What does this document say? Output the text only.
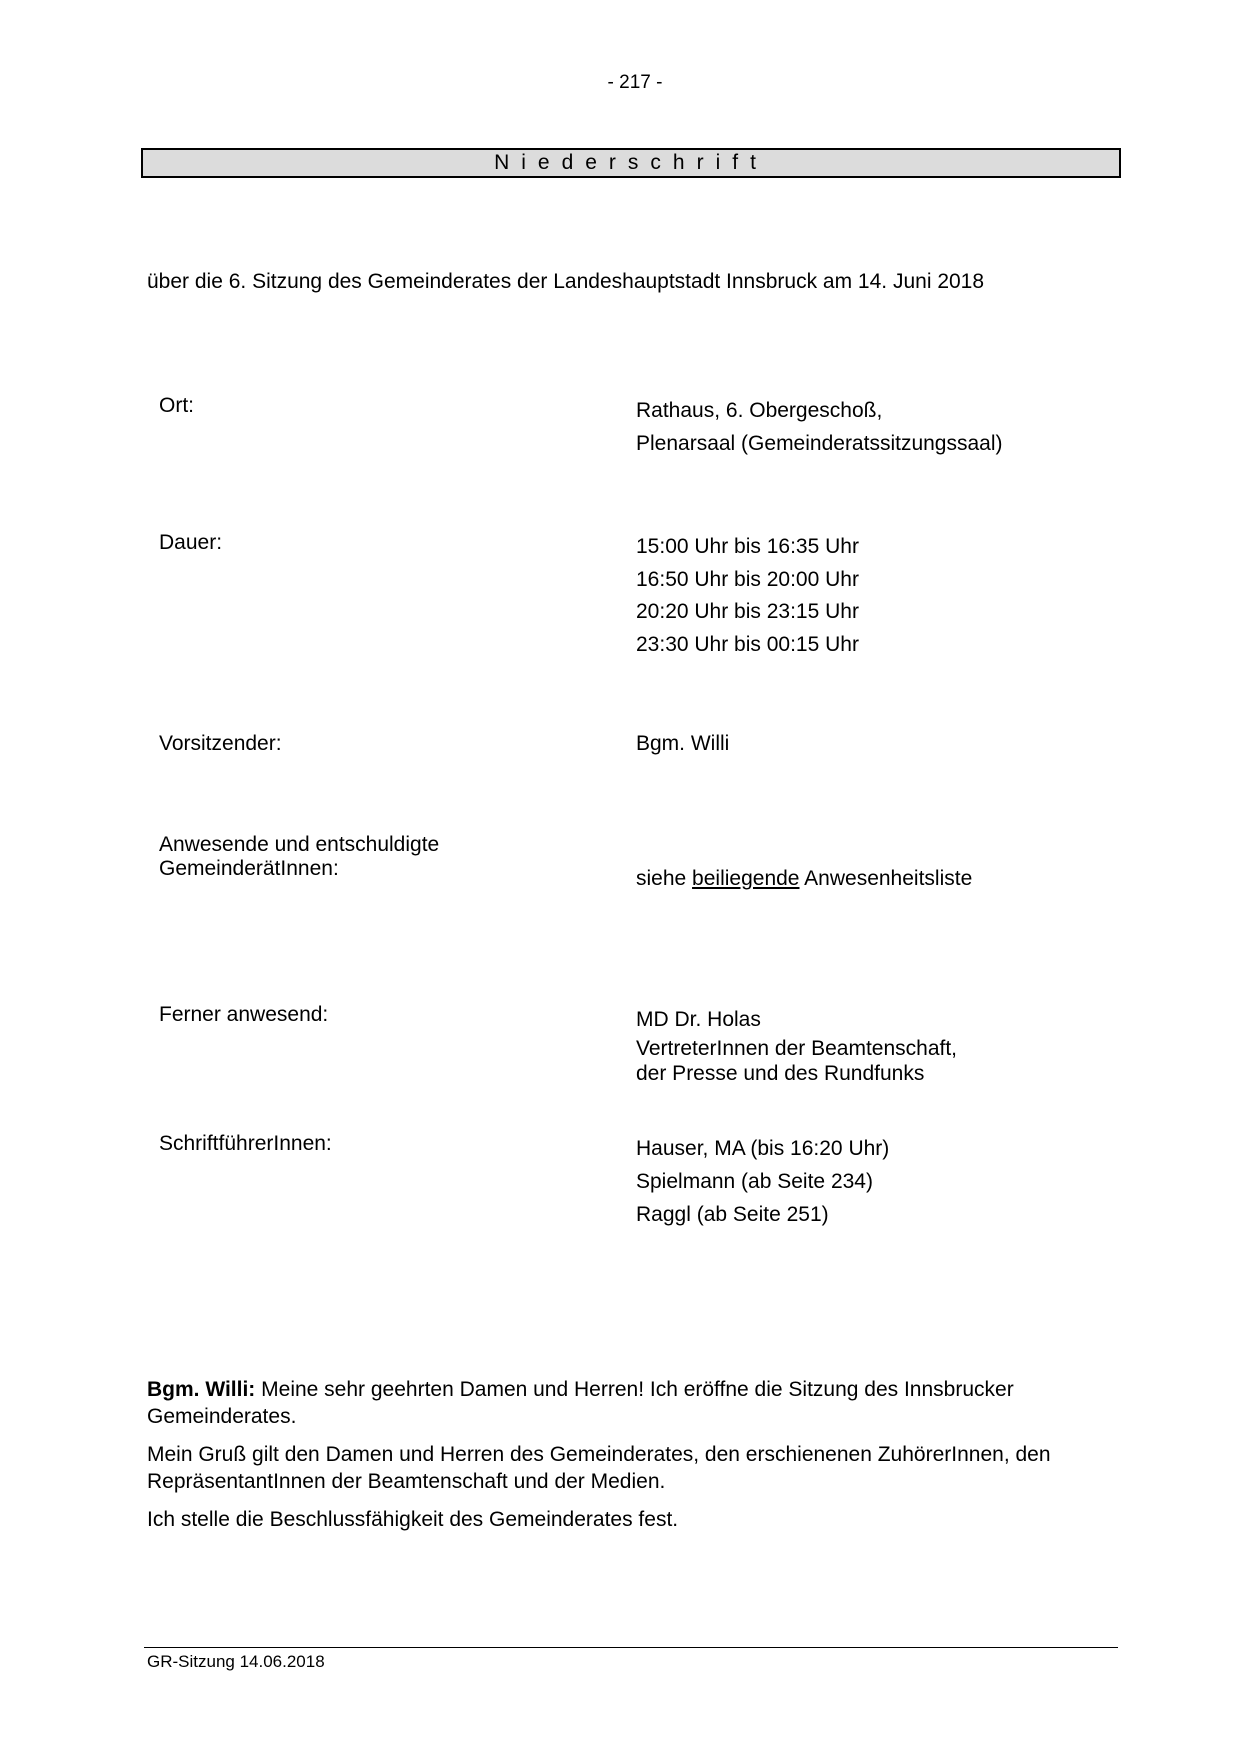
- 217 -
Niederschrift
über die 6. Sitzung des Gemeinderates der Landeshauptstadt Innsbruck am 14. Juni 2018
Ort:	Rathaus, 6. Obergeschoß,
Plenarsaal (Gemeinderatssitzungssaal)
Dauer:	15:00 Uhr bis 16:35 Uhr
16:50 Uhr bis 20:00 Uhr
20:20 Uhr bis 23:15 Uhr
23:30 Uhr bis 00:15 Uhr
Vorsitzender:	Bgm. Willi
Anwesende und entschuldigte
GemeinderätInnen:	siehe beiliegende Anwesenheitsliste
Ferner anwesend:	MD Dr. Holas
VertreterInnen der Beamtenschaft,
der Presse und des Rundfunks
SchriftführerInnen:	Hauser, MA (bis 16:20 Uhr)
Spielmann (ab Seite 234)
Raggl (ab Seite 251)
Bgm. Willi: Meine sehr geehrten Damen und Herren! Ich eröffne die Sitzung des Innsbrucker Gemeinderates.
Mein Gruß gilt den Damen und Herren des Gemeinderates, den erschienenen ZuhörerInnen, den RepräsentantInnen der Beamtenschaft und der Medien.
Ich stelle die Beschlussfähigkeit des Gemeinderates fest.
GR-Sitzung 14.06.2018
